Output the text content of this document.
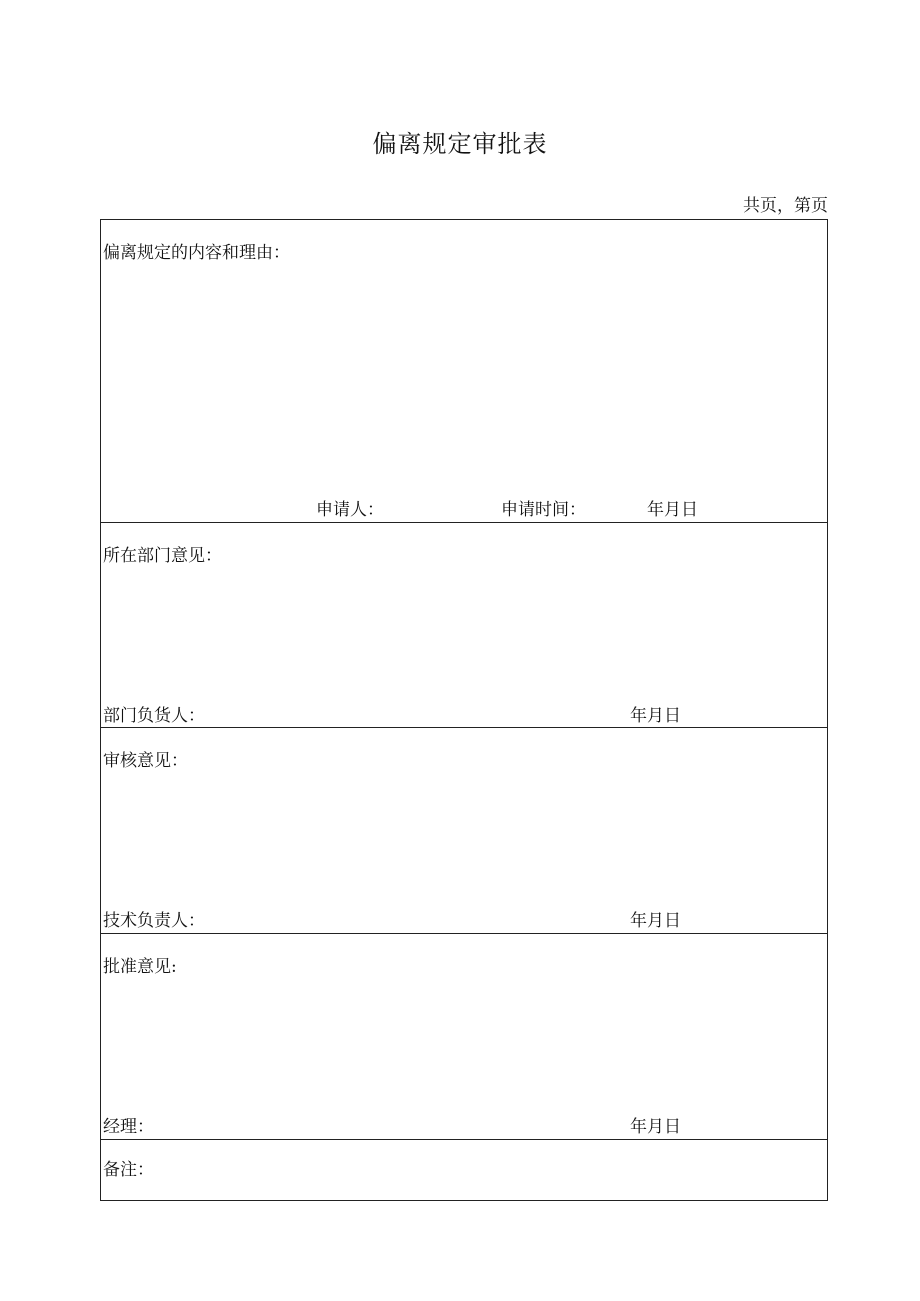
偏离规定审批表
共页，第页
偏离规定的内容和理由：
申请人：	申请时间：	年月日
所在部门意见：
部门负货人：	年月日
审核意见：
技术负责人：	年月日
批准意见:
经理：	年月日
备注：
